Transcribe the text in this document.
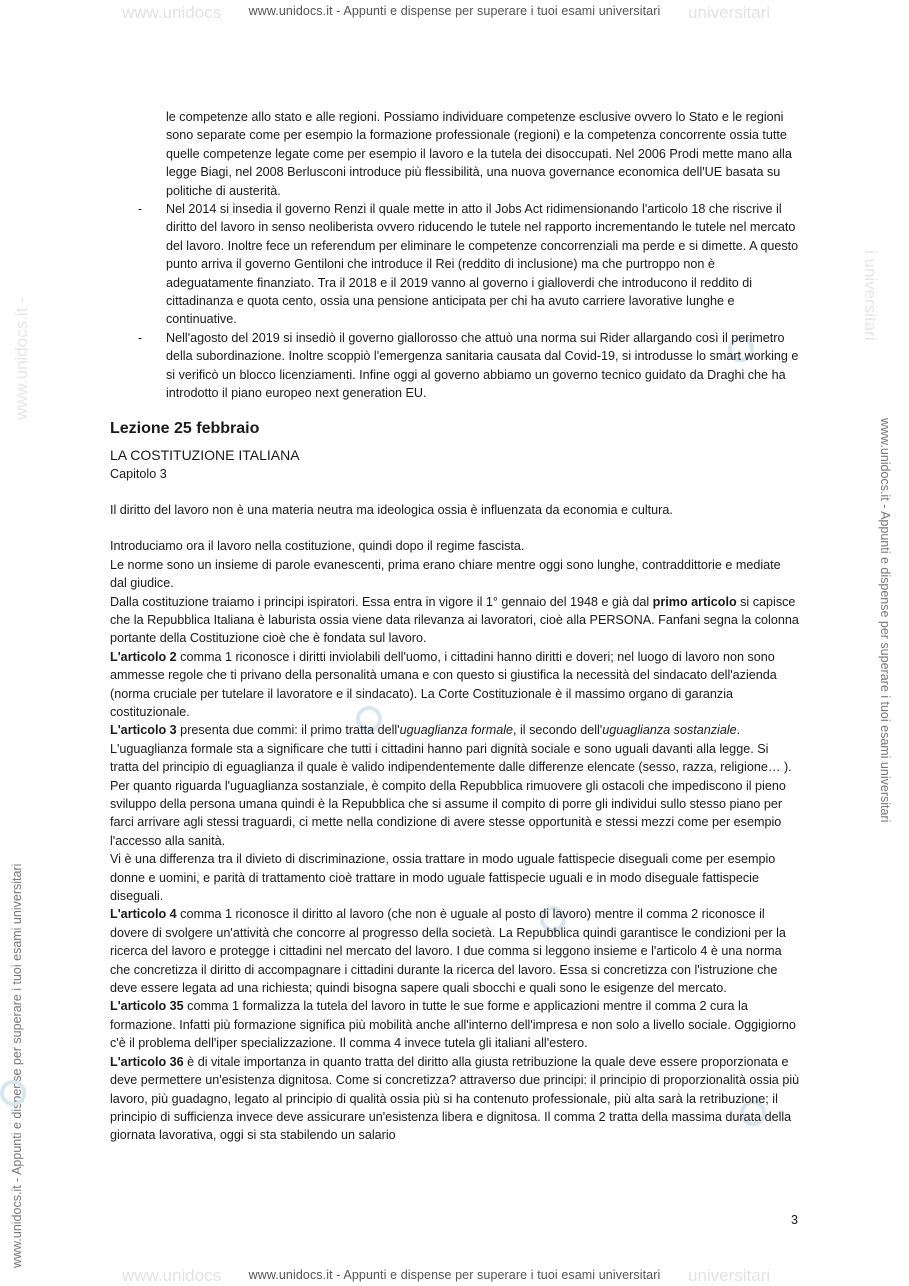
www.unidocs	universitari
www.unidocs	universitari
www.unidocs.it -
i universitari
www.unidocs.it - Appunti e dispense per superare i tuoi esami universitari
www.unidocs.it - Appunti e dispense per superare i tuoi esami universitari
www.unidocs.it - Appunti e dispense per superare i tuoi esami universitari
www.unidocs.it - Appunti e dispense per superare i tuoi esami universitari
le competenze allo stato e alle regioni. Possiamo individuare competenze esclusive ovvero lo Stato e le regioni sono separate come per esempio la formazione professionale (regioni) e la competenza concorrente ossia tutte quelle competenze legate come per esempio il lavoro e la tutela dei disoccupati. Nel 2006 Prodi mette mano alla legge Biagi, nel 2008 Berlusconi introduce più flessibilità, una nuova governance economica dell'UE basata su politiche di austerità.
- Nel 2014 si insedia il governo Renzi il quale mette in atto il Jobs Act ridimensionando l'articolo 18 che riscrive il diritto del lavoro in senso neoliberista ovvero riducendo le tutele nel rapporto incrementando le tutele nel mercato del lavoro. Inoltre fece un referendum per eliminare le competenze concorrenziali ma perde e si dimette. A questo punto arriva il governo Gentiloni che introduce il Rei (reddito di inclusione) ma che purtroppo non è adeguatamente finanziato. Tra il 2018 e il 2019 vanno al governo i gialloverdi che introducono il reddito di cittadinanza e quota cento, ossia una pensione anticipata per chi ha avuto carriere lavorative lunghe e continuative.
- Nell'agosto del 2019 si insediò il governo giallorosso che attuò una norma sui Rider allargando così il perimetro della subordinazione. Inoltre scoppiò l'emergenza sanitaria causata dal Covid-19, si introdusse lo smart working e si verificò un blocco licenziamenti. Infine oggi al governo abbiamo un governo tecnico guidato da Draghi che ha introdotto il piano europeo next generation EU.
Lezione 25 febbraio
LA COSTITUZIONE ITALIANA
Capitolo 3
Il diritto del lavoro non è una materia neutra ma ideologica ossia è influenzata da economia e cultura.
Introduciamo ora il lavoro nella costituzione, quindi dopo il regime fascista.
Le norme sono un insieme di parole evanescenti, prima erano chiare mentre oggi sono lunghe, contraddittorie e mediate dal giudice.
Dalla costituzione traiamo i principi ispiratori. Essa entra in vigore il 1° gennaio del 1948 e già dal primo articolo si capisce che la Repubblica Italiana è laburista ossia viene data rilevanza ai lavoratori, cioè alla PERSONA. Fanfani segna la colonna portante della Costituzione cioè che è fondata sul lavoro.
L'articolo 2 comma 1 riconosce i diritti inviolabili dell'uomo, i cittadini hanno diritti e doveri; nel luogo di lavoro non sono ammesse regole che ti privano della personalità umana e con questo si giustifica la necessità del sindacato dell'azienda (norma cruciale per tutelare il lavoratore e il sindacato). La Corte Costituzionale è il massimo organo di garanzia costituzionale.
L'articolo 3 presenta due commi: il primo tratta dell'uguaglianza formale, il secondo dell'uguaglianza sostanziale. L'uguaglianza formale sta a significare che tutti i cittadini hanno pari dignità sociale e sono uguali davanti alla legge. Si tratta del principio di eguaglianza il quale è valido indipendentemente dalle differenze elencate (sesso, razza, religione… ). Per quanto riguarda l'uguaglianza sostanziale, è compito della Repubblica rimuovere gli ostacoli che impediscono il pieno sviluppo della persona umana quindi è la Repubblica che si assume il compito di porre gli individui sullo stesso piano per farci arrivare agli stessi traguardi, ci mette nella condizione di avere stesse opportunità e stessi mezzi come per esempio l'accesso alla sanità.
Vi è una differenza tra il divieto di discriminazione, ossia trattare in modo uguale fattispecie diseguali come per esempio donne e uomini, e parità di trattamento cioè trattare in modo uguale fattispecie uguali e in modo diseguale fattispecie diseguali.
L'articolo 4 comma 1 riconosce il diritto al lavoro (che non è uguale al posto di lavoro) mentre il comma 2 riconosce il dovere di svolgere un'attività che concorre al progresso della società. La Repubblica quindi garantisce le condizioni per la ricerca del lavoro e protegge i cittadini nel mercato del lavoro. I due comma si leggono insieme e l'articolo 4 è una norma che concretizza il diritto di accompagnare i cittadini durante la ricerca del lavoro. Essa si concretizza con l'istruzione che deve essere legata ad una richiesta; quindi bisogna sapere quali sbocchi e quali sono le esigenze del mercato.
L'articolo 35 comma 1 formalizza la tutela del lavoro in tutte le sue forme e applicazioni mentre il comma 2 cura la formazione. Infatti più formazione significa più mobilità anche all'interno dell'impresa e non solo a livello sociale. Oggigiorno c'è il problema dell'iper specializzazione. Il comma 4 invece tutela gli italiani all'estero.
L'articolo 36 è di vitale importanza in quanto tratta del diritto alla giusta retribuzione la quale deve essere proporzionata e deve permettere un'esistenza dignitosa. Come si concretizza? attraverso due principi: il principio di proporzionalità ossia più lavoro, più guadagno, legato al principio di qualità ossia più si ha contenuto professionale, più alta sarà la retribuzione; il principio di sufficienza invece deve assicurare un'esistenza libera e dignitosa. Il comma 2 tratta della massima durata della giornata lavorativa, oggi si sta stabilendo un salario
3
